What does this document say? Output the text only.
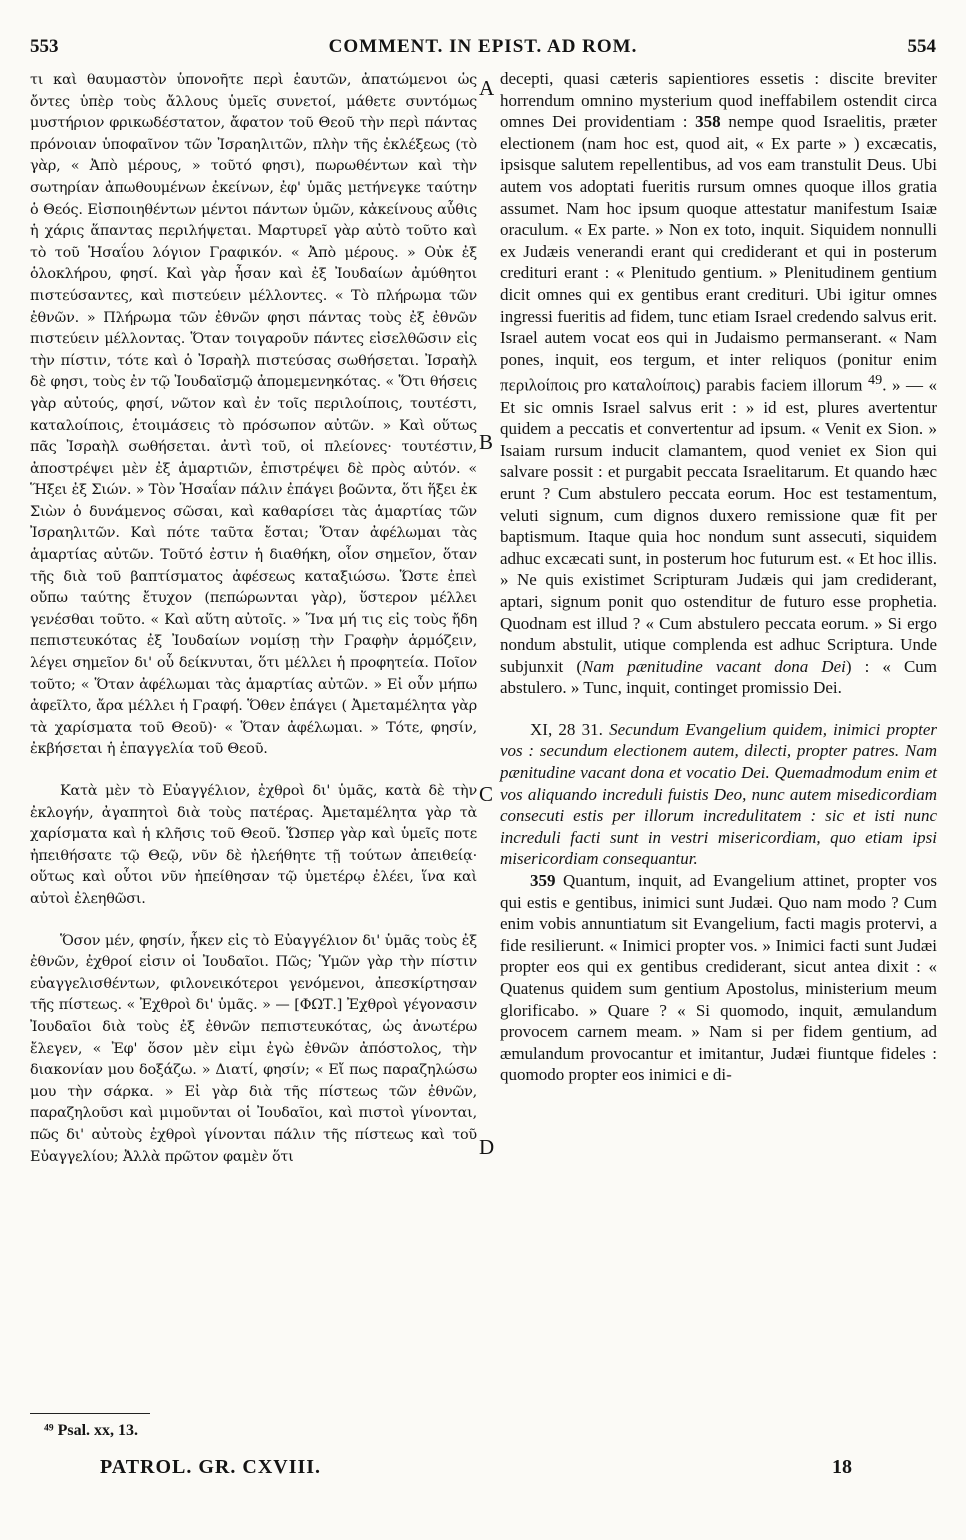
553	COMMENT. IN EPIST. AD ROM.	554

τι καὶ θαυμαστὸν ὑπονοῆτε περὶ ἑαυτῶν, ἀπατώμενοι ὡς ὄντες ὑπὲρ τοὺς ἄλλους ὑμεῖς συνετοί, μάθετε συντόμως μυστήριον φρικωδέστατον, ἄφατον τοῦ Θεοῦ τὴν περὶ πάντας πρόνοιαν ὑποφαῖνον τῶν Ἰσραηλιτῶν, πλὴν τῆς ἐκλέξεως (τὸ γὰρ, « Ἀπὸ μέρους, » τοῦτό φησι), πωρωθέντων καὶ τὴν σωτηρίαν ἀπωθουμένων ἐκείνων, ἐφ' ὑμᾶς μετήνεγκε ταύτην ὁ Θεός. Εἰσποιηθέντων μέντοι πάντων ὑμῶν, κἀκείνους αὖθις ἡ χάρις ἅπαντας περιλήψεται. Μαρτυρεῖ γὰρ αὐτὸ τοῦτο καὶ τὸ τοῦ Ἡσαΐου λόγιον Γραφικόν. « Ἀπὸ μέρους. » Οὐκ ἐξ ὁλοκλήρου, φησί. Καὶ γὰρ ἦσαν καὶ ἐξ Ἰουδαίων ἀμύθητοι πιστεύσαντες, καὶ πιστεύειν μέλλοντες. « Τὸ πλήρωμα τῶν ἐθνῶν. » Πλήρωμα τῶν ἐθνῶν φησι πάντας τοὺς ἐξ ἐθνῶν πιστεύειν μέλλοντας. Ὅταν τοιγαροῦν πάντες εἰσελθῶσιν εἰς τὴν πίστιν, τότε καὶ ὁ Ἰσραὴλ πιστεύσας σωθήσεται. Ἰσραὴλ δὲ φησι, τοὺς ἐν τῷ Ἰουδαϊσμῷ ἀπομεμενηκότας. « Ὅτι θήσεις γὰρ αὐτούς, φησί, νῶτον καὶ ἐν τοῖς περιλοίποις, τουτέστι, καταλοίποις, ἑτοιμάσεις τὸ πρόσωπον αὐτῶν. » Καὶ οὕτως πᾶς Ἰσραὴλ σωθήσεται. ἀντὶ τοῦ, οἱ πλείονες· τουτέστιν, ἀποστρέψει μὲν ἐξ ἁμαρτιῶν, ἐπιστρέψει δὲ πρὸς αὐτόν. « Ἥξει ἐξ Σιών. » Τὸν Ἡσαΐαν πάλιν ἐπάγει βοῶντα, ὅτι ἥξει ἐκ Σιὼν ὁ δυνάμενος σῶσαι, καὶ καθαρίσει τὰς ἁμαρτίας τῶν Ἰσραηλιτῶν. Καὶ πότε ταῦτα ἔσται; Ὅταν ἀφέλωμαι τὰς ἁμαρτίας αὐτῶν. Τοῦτό ἐστιν ἡ διαθήκη, οἷον σημεῖον, ὅταν τῆς διὰ τοῦ βαπτίσματος ἀφέσεως καταξιώσω. Ὥστε ἐπεὶ οὔπω ταύτης ἔτυχον (πεπώρωνται γὰρ), ὕστερον μέλλει γενέσθαι τοῦτο. « Καὶ αὕτη αὐτοῖς. » Ἵνα μή τις εἰς τοὺς ἤδη πεπιστευκότας ἐξ Ἰουδαίων νομίσῃ τὴν Γραφὴν ἁρμόζειν, λέγει σημεῖον δι' οὗ δείκνυται, ὅτι μέλλει ἡ προφητεία. Ποῖον τοῦτο; « Ὅταν ἀφέλωμαι τὰς ἁμαρτίας αὐτῶν. » Εἰ οὖν μήπω ἀφεῖλτο, ἄρα μέλλει ἡ Γραφή. Ὅθεν ἐπάγει ( Ἀμεταμέλητα γὰρ τὰ χαρίσματα τοῦ Θεοῦ)· « Ὅταν ἀφέλωμαι. » Τότε, φησίν, ἐκβήσεται ἡ ἐπαγγελία τοῦ Θεοῦ.

Κατὰ μὲν τὸ Εὐαγγέλιον, ἐχθροὶ δι' ὑμᾶς, κατὰ δὲ τὴν ἐκλογήν, ἀγαπητοὶ διὰ τοὺς πατέρας. Ἀμεταμέλητα γὰρ τὰ χαρίσματα καὶ ἡ κλῆσις τοῦ Θεοῦ. Ὥσπερ γὰρ καὶ ὑμεῖς ποτε ἠπειθήσατε τῷ Θεῷ, νῦν δὲ ἠλεήθητε τῇ τούτων ἀπειθείᾳ· οὕτως καὶ οὗτοι νῦν ἠπείθησαν τῷ ὑμετέρῳ ἐλέει, ἵνα καὶ αὐτοὶ ἐλεηθῶσι.

Ὅσον μέν, φησίν, ἧκεν εἰς τὸ Εὐαγγέλιον δι' ὑμᾶς τοὺς ἐξ ἐθνῶν, ἐχθροί εἰσιν οἱ Ἰουδαῖοι. Πῶς; Ὑμῶν γὰρ τὴν πίστιν εὐαγγελισθέντων, φιλονεικότεροι γενόμενοι, ἀπεσκίρτησαν τῆς πίστεως. « Ἐχθροὶ δι' ὑμᾶς. » — [ΦΩΤ.] Ἐχθροὶ γέγονασιν Ἰουδαῖοι διὰ τοὺς ἐξ ἐθνῶν πεπιστευκότας, ὡς ἀνωτέρω ἔλεγεν, « Ἐφ' ὅσον μὲν εἰμι ἐγὼ ἐθνῶν ἀπόστολος, τὴν διακονίαν μου δοξάζω. » Διατί, φησίν; « Εἴ πως παραζηλώσω μου τὴν σάρκα. » Εἰ γὰρ διὰ τῆς πίστεως τῶν ἐθνῶν, παραζηλοῦσι καὶ μιμοῦνται οἱ Ἰουδαῖοι, καὶ πιστοὶ γίνονται, πῶς δι' αὐτοὺς ἐχθροὶ γίνονται πάλιν τῆς πίστεως καὶ τοῦ Εὐαγγελίου; Ἀλλὰ πρῶτον φαμὲν ὅτι

A
B
C
D

decepti, quasi cæteris sapientiores essetis : discite breviter horrendum omnino mysterium quod ineffabilem ostendit circa omnes Dei providentiam : 358 nempe quod Israelitis, præter electionem (nam hoc est, quod ait, « Ex parte » ) excæcatis, ipsisque salutem repellentibus, ad vos eam transtulit Deus. Ubi autem vos adoptati fueritis rursum omnes quoque illos gratia assumet. Nam hoc ipsum quoque attestatur manifestum Isaiæ oraculum. « Ex parte. » Non ex toto, inquit. Siquidem nonnulli ex Judæis venerandi erant qui crediderant et qui in posterum credituri erant : « Plenitudo gentium. » Plenitudinem gentium dicit omnes qui ex gentibus erant credituri. Ubi igitur omnes ingressi fueritis ad fidem, tunc etiam Israel credendo salvus erit. Israel autem vocat eos qui in Judaismo permanserant. « Nam pones, inquit, eos tergum, et inter reliquos (ponitur enim περιλοίποις pro καταλοίποις) parabis faciem illorum $^{49}$. » — « Et sic omnis Israel salvus erit : » id est, plures avertentur quidem a peccatis et convertentur ad ipsum. « Venit ex Sion. » Isaiam rursum inducit clamantem, quod veniet ex Sion qui salvare possit : et purgabit peccata Israelitarum. Et quando hæc erunt ? Cum abstulero peccata eorum. Hoc est testamentum, veluti signum, cum dignos duxero remissione quæ fit per baptismum. Itaque quia hoc nondum sunt assecuti, siquidem adhuc excæcati sunt, in posterum hoc futurum est. « Et hoc illis. » Ne quis existimet Scripturam Judæis qui jam crediderant, aptari, signum ponit quo ostenditur de futuro esse prophetia. Quodnam est illud ? « Cum abstulero peccata eorum. » Si ergo nondum abstulit, utique complenda est adhuc Scriptura. Unde subjunxit (Nam pænitudine vacant dona Dei) : « Cum abstulero. » Tunc, inquit, continget promissio Dei.

XI, 28 31. Secundum Evangelium quidem, inimici propter vos : secundum electionem autem, dilecti, propter patres. Nam pænitudine vacant dona et vocatio Dei. Quemadmodum enim et vos aliquando increduli fuistis Deo, nunc autem misedicordiam consecuti estis per illorum incredulitatem : sic et isti nunc increduli facti sunt in vestri misericordiam, quo etiam ipsi misericordiam consequantur.

359 Quantum, inquit, ad Evangelium attinet, propter vos qui estis e gentibus, inimici sunt Judæi. Quo nam modo ? Cum enim vobis annuntiatum sit Evangelium, facti magis protervi, a fide resilierunt. « Inimici propter vos. » Inimici facti sunt Judæi propter eos qui ex gentibus crediderant, sicut antea dixit : « Quatenus quidem sum gentium Apostolus, ministerium meum glorificabo. » Quare ? « Si quomodo, inquit, æmulandum provocem carnem meam. » Nam si per fidem gentium, ad æmulandum provocantur et imitantur, Judæi fiuntque fideles : quomodo propter eos inimici e di-

⁴⁹ Psal. xx, 13.
PATROL. GR. CXVIII.	18
